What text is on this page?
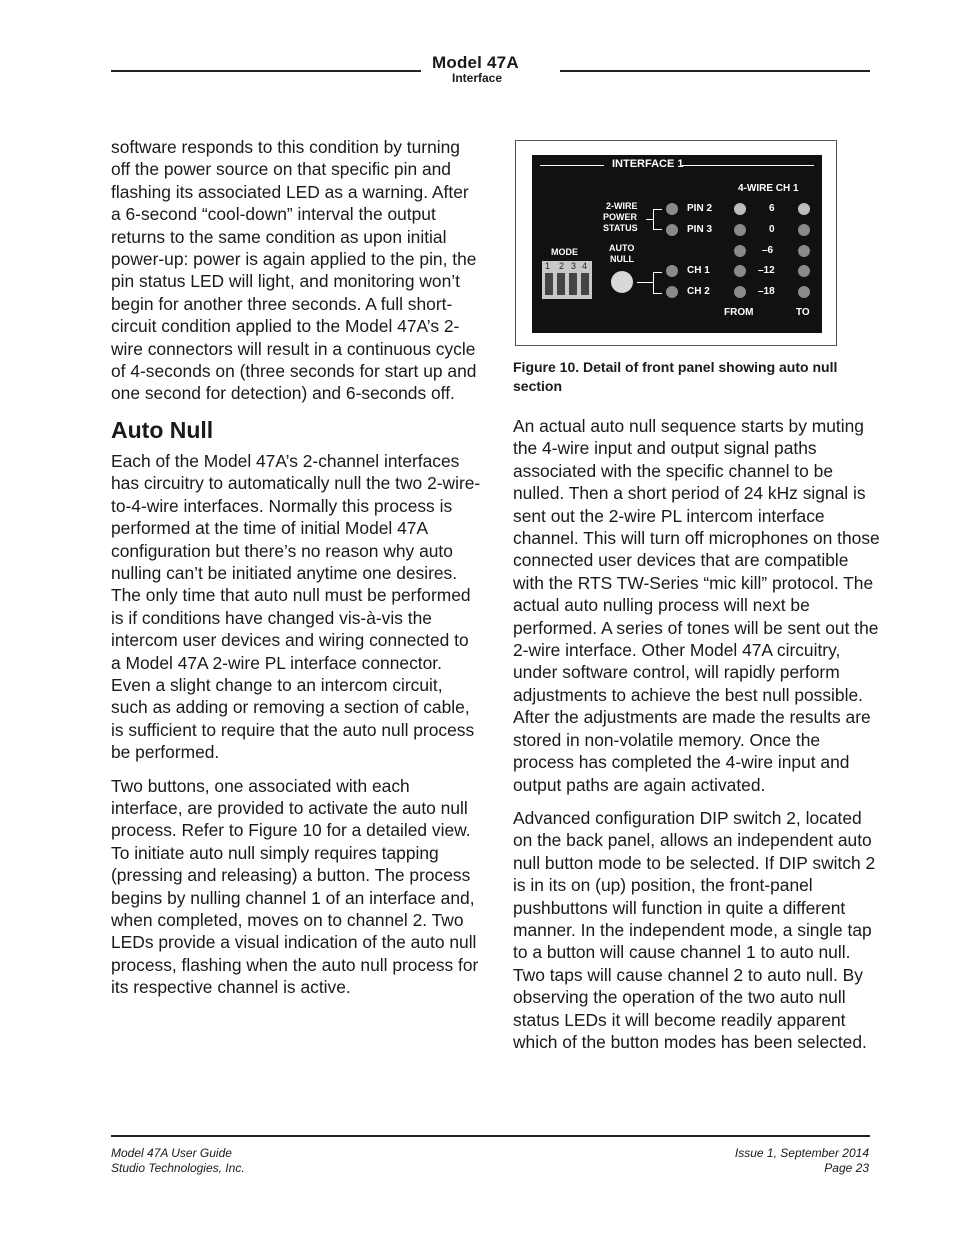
Model 47A
Interface

software responds to this condition by turning off the power source on that specific pin and flashing its associated LED as a warning. After a 6-second “cool-down” interval the output returns to the same condition as upon initial power-up: power is again applied to the pin, the pin status LED will light, and monitoring won’t begin for another three seconds. A full short-circuit condition applied to the Model 47A’s 2-wire connectors will result in a continuous cycle of 4-seconds on (three seconds for start up and one second for detection) and 6-seconds off.

Auto Null

Each of the Model 47A’s 2-channel interfaces has circuitry to automatically null the two 2-wire-to-4-wire interfaces. Normally this process is performed at the time of initial Model 47A configuration but there’s no reason why auto nulling can’t be initiated anytime one desires. The only time that auto null must be performed is if conditions have changed vis-à-vis the intercom user devices and wiring connected to a Model 47A 2-wire PL interface connector. Even a slight change to an intercom circuit, such as adding or removing a section of cable, is sufficient to require that the auto null process be performed.

Two buttons, one associated with each interface, are provided to activate the auto null process. Refer to Figure 10 for a detailed view. To initiate auto null simply requires tapping (pressing and releasing) a button. The process begins by nulling channel 1 of an interface and, when completed, moves on to channel 2. Two LEDs provide a visual indication of the auto null process, flashing when the auto null process for its respective channel is active.

INTERFACE 1
4-WIRE CH 1
2-WIRE
POWER
STATUS
PIN 2
PIN 3
MODE
1 2 3 4
AUTO
NULL
CH 1
CH 2
6
0
–6
–12
–18
FROM	TO
Figure 10. Detail of front panel showing auto null section

An actual auto null sequence starts by muting the 4-wire input and output signal paths associated with the specific channel to be nulled. Then a short period of 24 kHz signal is sent out the 2-wire PL intercom interface channel. This will turn off microphones on those connected user devices that are compatible with the RTS TW-Series “mic kill” protocol. The actual auto nulling process will next be performed. A series of tones will be sent out the 2-wire interface. Other Model 47A circuitry, under software control, will rapidly perform adjustments to achieve the best null possible. After the adjustments are made the results are stored in non-volatile memory. Once the process has completed the 4-wire input and output paths are again activated.

Advanced configuration DIP switch 2, located on the back panel, allows an independent auto null button mode to be selected. If DIP switch 2 is in its on (up) position, the front-panel pushbuttons will function in quite a different manner. In the independent mode, a single tap to a button will cause channel 1 to auto null. Two taps will cause channel 2 to auto null. By observing the operation of the two auto null status LEDs it will become readily apparent which of the button modes has been selected.

Model 47A User Guide
Studio Technologies, Inc.
Issue 1, September 2014
Page 23
